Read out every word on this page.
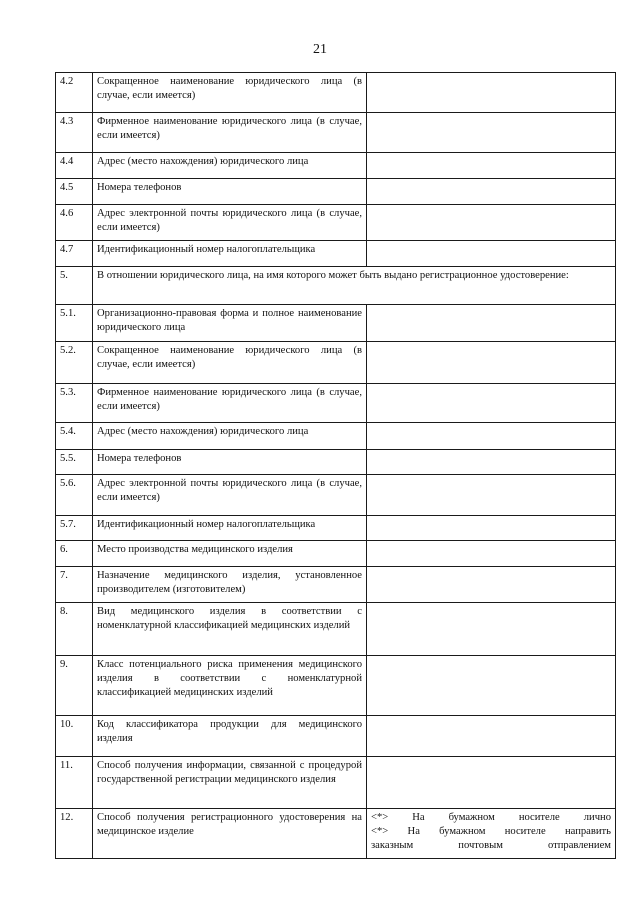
21
4.2	Сокращенное наименование юридического лица (в случае, если имеется)	

4.3	Фирменное наименование юридического лица (в случае, если имеется)	

4.4	Адрес (место нахождения) юридического лица	

4.5	Номера телефонов	

4.6	Адрес электронной почты юридического лица (в случае, если имеется)	

4.7	Идентификационный номер налогоплательщика	

5.	В отношении юридического лица, на имя которого может быть выдано регистрационное удостоверение:	

5.1.	Организационно-правовая форма и полное наименование юридического лица	

5.2.	Сокращенное наименование юридического лица (в случае, если имеется)	

5.3.	Фирменное наименование юридического лица (в случае, если имеется)	

5.4.	Адрес (место нахождения) юридического лица	

5.5.	Номера телефонов	

5.6.	Адрес электронной почты юридического лица (в случае, если имеется)	

5.7.	Идентификационный номер налогоплательщика	

6.	Место производства медицинского изделия	

7.	Назначение медицинского изделия, установленное производителем (изготовителем)	

8.	Вид медицинского изделия в соответствии с номенклатурной классификацией медицинских изделий	

9.	Класс потенциального риска применения медицинского изделия в соответствии с номенклатурной классификацией медицинских изделий	

10.	Код классификатора продукции для медицинского изделия	

11.	Способ получения информации, связанной с процедурой государственной регистрации медицинского изделия	

12.	Способ получения регистрационного удостоверения на медицинское изделие	<*> На бумажном носителе лично
<*> На бумажном носителе направить
заказным почтовым отправлением
